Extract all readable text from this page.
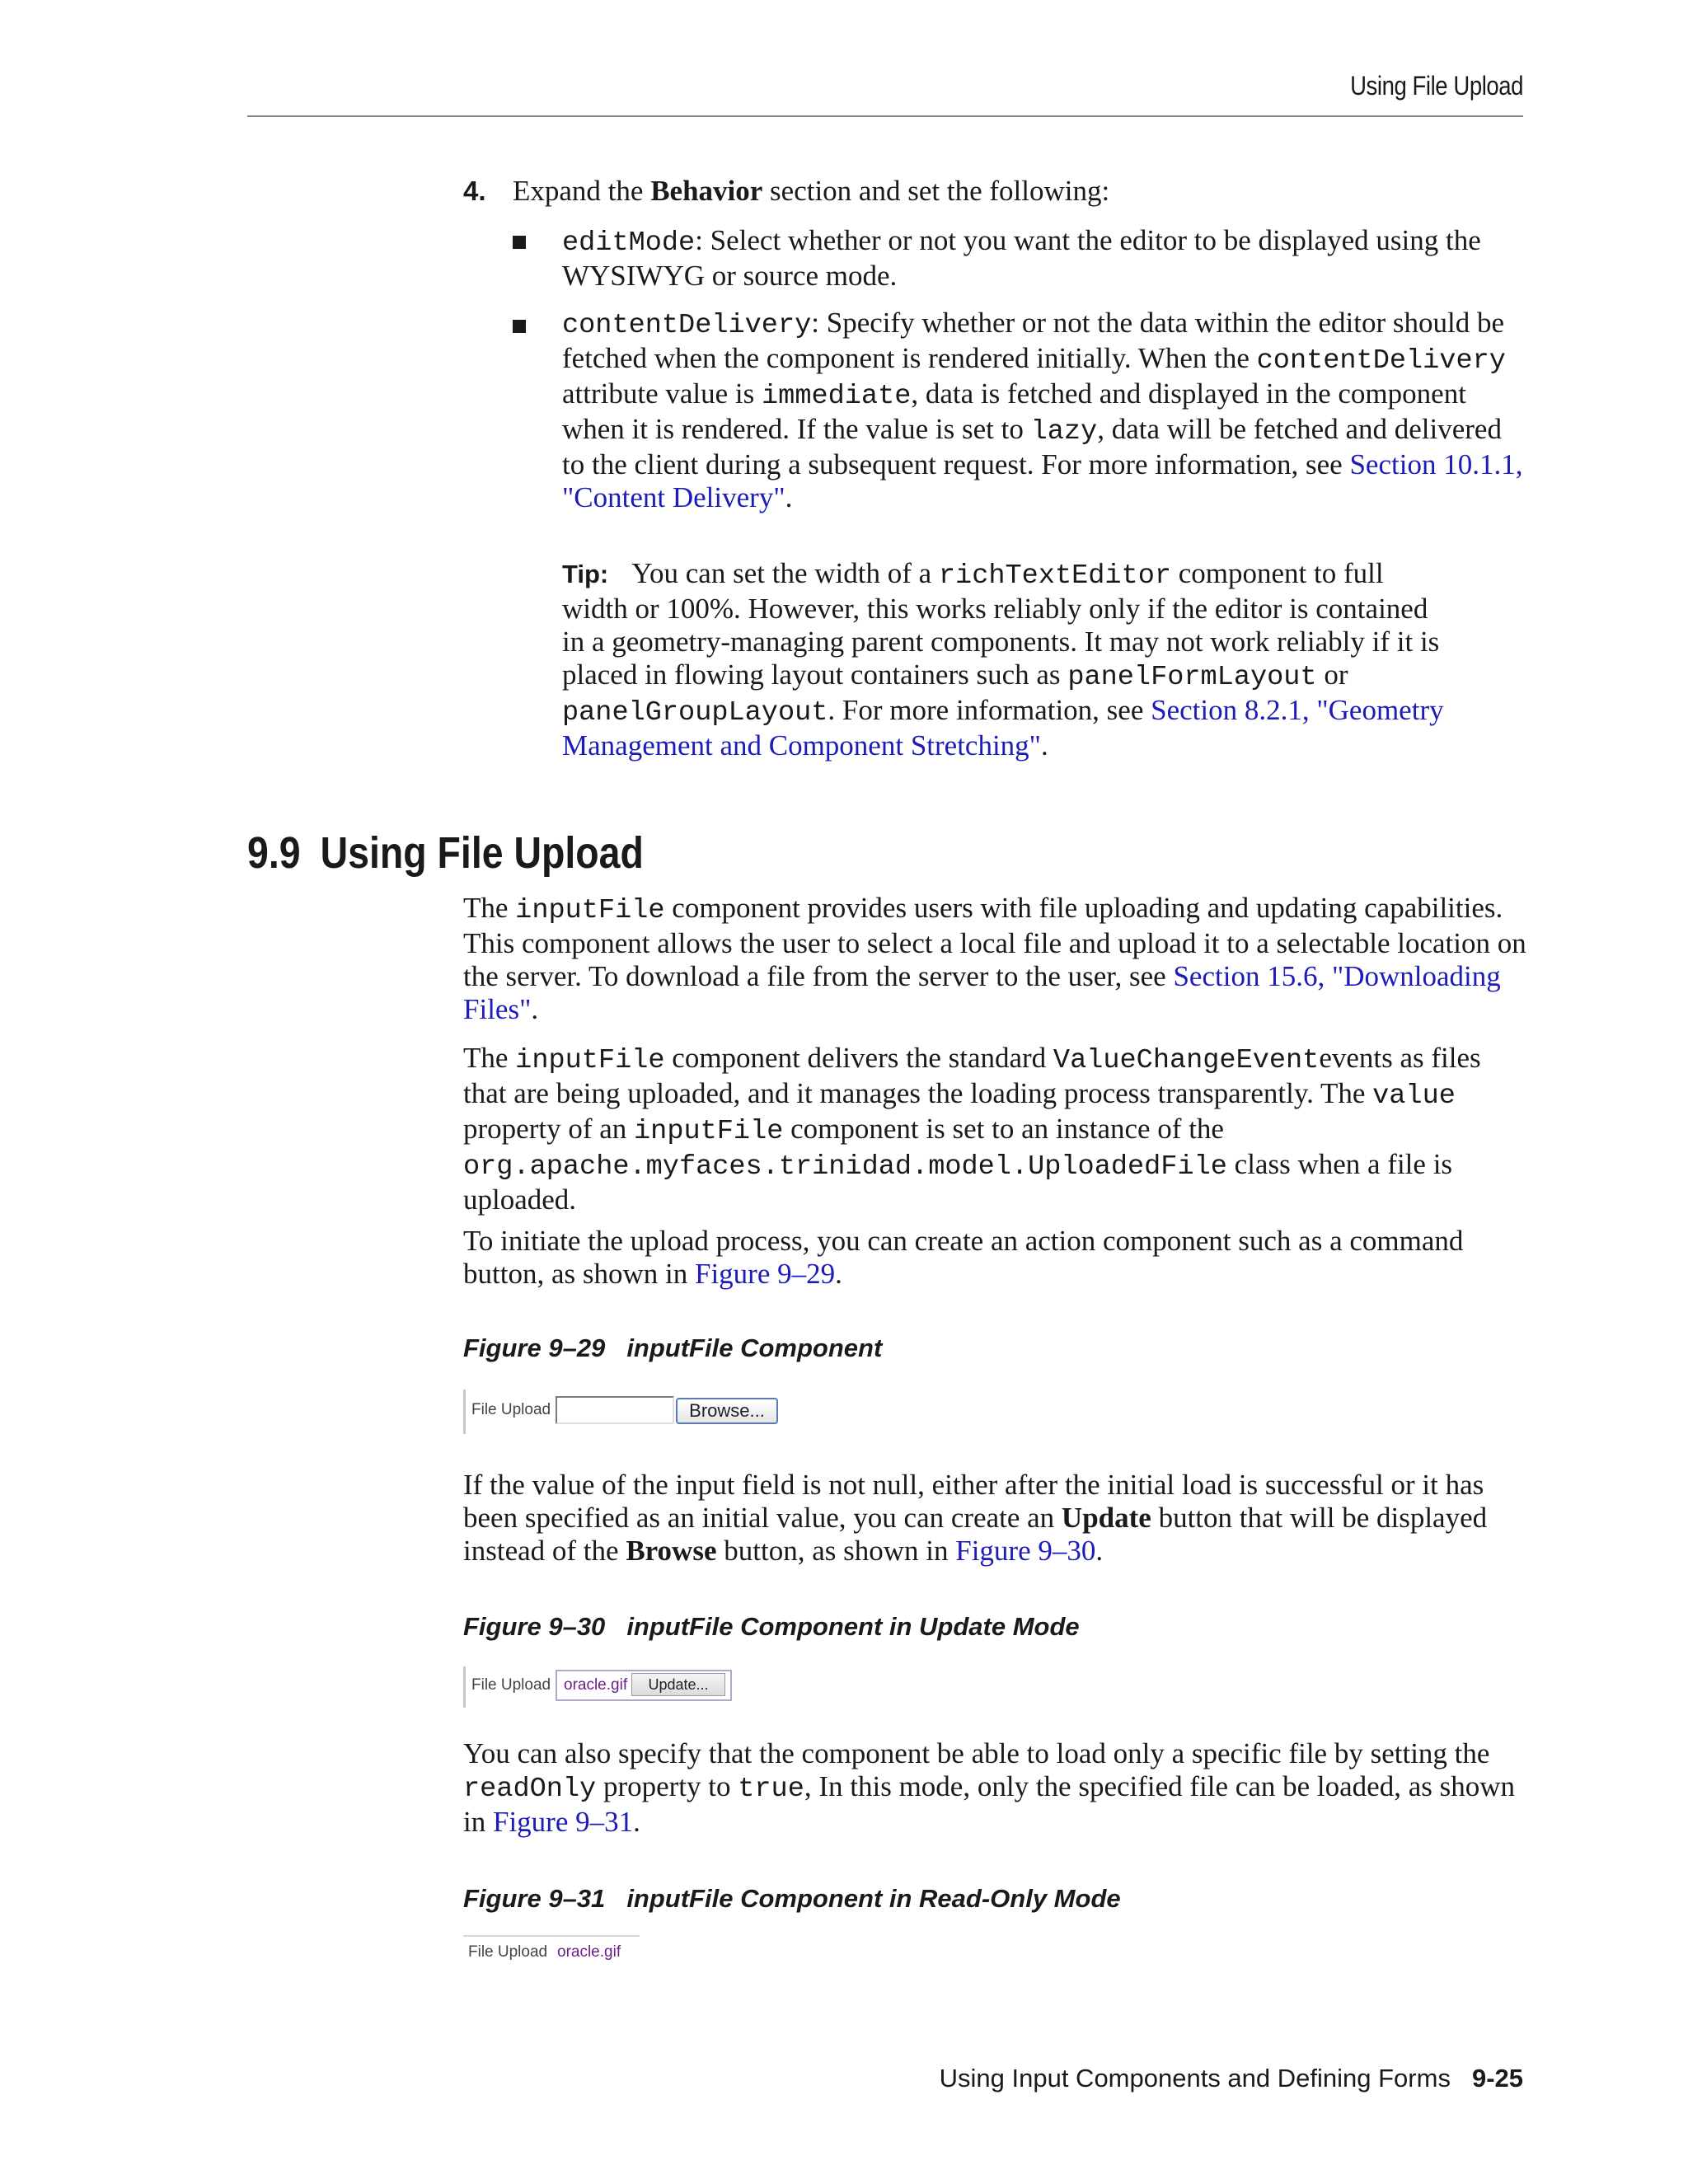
Using File Upload
4. Expand the Behavior section and set the following:
editMode: Select whether or not you want the editor to be displayed using the WYSIWYG or source mode.
contentDelivery: Specify whether or not the data within the editor should be fetched when the component is rendered initially. When the contentDelivery attribute value is immediate, data is fetched and displayed in the component when it is rendered. If the value is set to lazy, data will be fetched and delivered to the client during a subsequent request. For more information, see Section 10.1.1, "Content Delivery".
Tip: You can set the width of a richTextEditor component to full width or 100%. However, this works reliably only if the editor is contained in a geometry-managing parent components. It may not work reliably if it is placed in flowing layout containers such as panelFormLayout or panelGroupLayout. For more information, see Section 8.2.1, "Geometry Management and Component Stretching".
9.9 Using File Upload
The inputFile component provides users with file uploading and updating capabilities. This component allows the user to select a local file and upload it to a selectable location on the server. To download a file from the server to the user, see Section 15.6, "Downloading Files".
The inputFile component delivers the standard ValueChangeEventevents as files that are being uploaded, and it manages the loading process transparently. The value property of an inputFile component is set to an instance of the org.apache.myfaces.trinidad.model.UploadedFile class when a file is uploaded.
To initiate the upload process, you can create an action component such as a command button, as shown in Figure 9–29.
Figure 9–29 inputFile Component
File Upload	Browse...
If the value of the input field is not null, either after the initial load is successful or it has been specified as an initial value, you can create an Update button that will be displayed instead of the Browse button, as shown in Figure 9–30.
Figure 9–30 inputFile Component in Update Mode
File Upload oracle.gif	Update...
You can also specify that the component be able to load only a specific file by setting the readOnly property to true, In this mode, only the specified file can be loaded, as shown in Figure 9–31.
Figure 9–31 inputFile Component in Read-Only Mode
File Upload oracle.gif
Using Input Components and Defining Forms 9-25
